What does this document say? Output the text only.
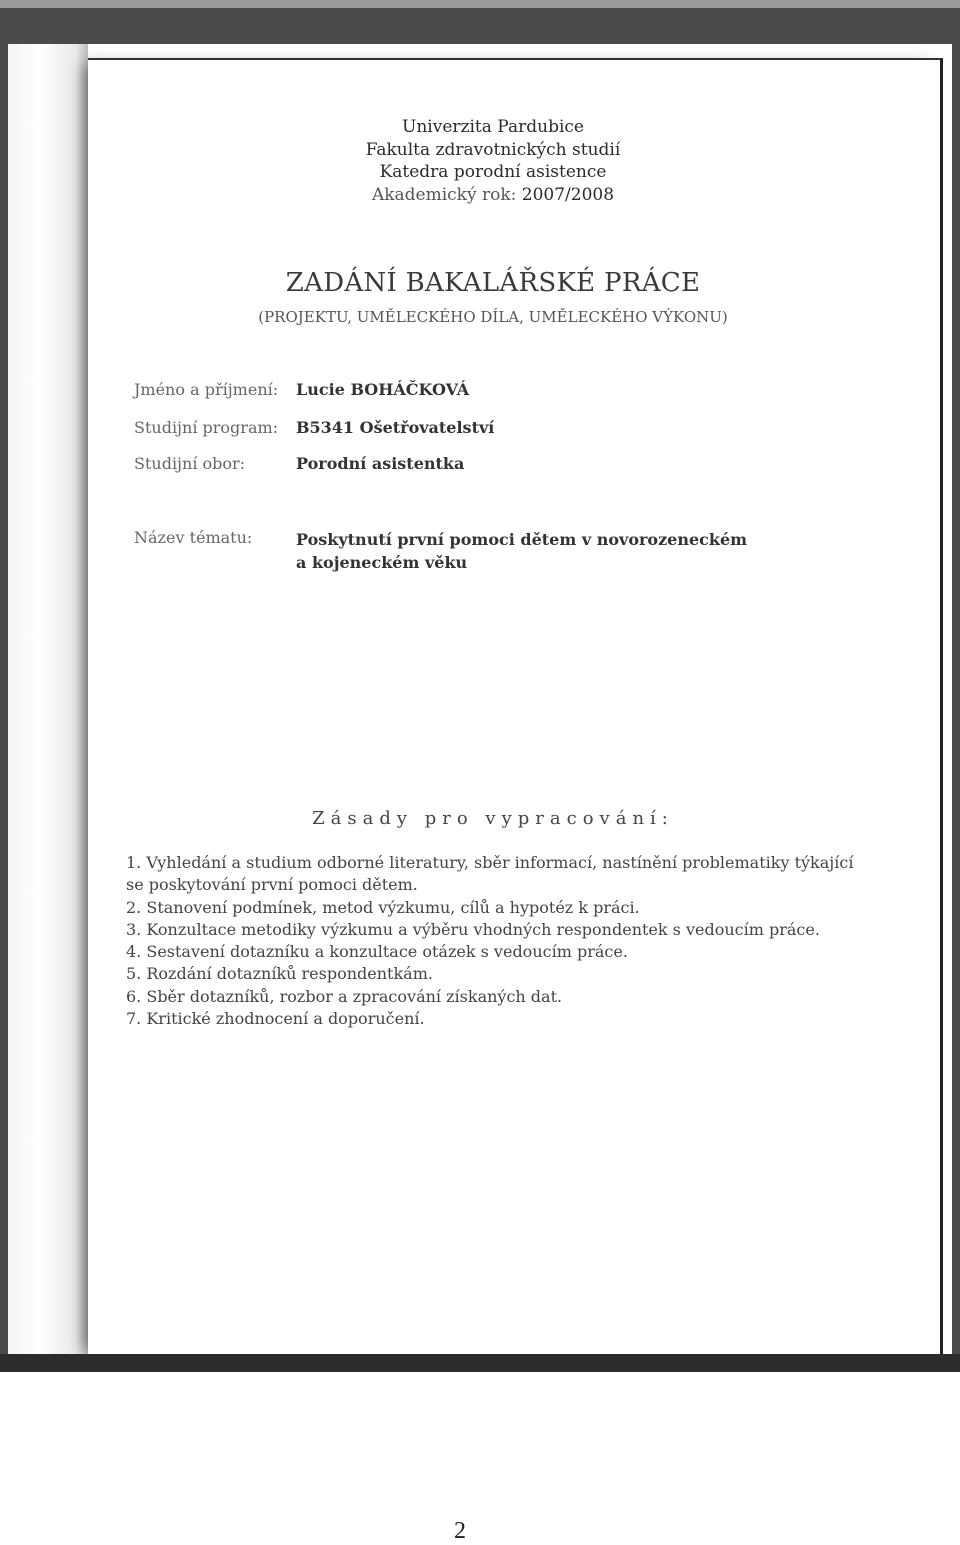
Univerzita Pardubice
Fakulta zdravotnických studií
Katedra porodní asistence
Akademický rok: 2007/2008
ZADÁNÍ BAKALÁŘSKÉ PRÁCE
(PROJEKTU, UMĚLECKÉHO DÍLA, UMĚLECKÉHO VÝKONU)
Jméno a příjmení: Lucie BOHÁČKOVÁ
Studijní program: B5341 Ošetřovatelství
Studijní obor:	Porodní asistentka
Název tématu:	Poskytnutí první pomoci dětem v novorozeneckém
a kojeneckém věku
Zásady pro vypracování:
1. Vyhledání a studium odborné literatury, sběr informací, nastínění problematiky týkající
se poskytování první pomoci dětem.
2. Stanovení podmínek, metod výzkumu, cílů a hypotéz k práci.
3. Konzultace metodiky výzkumu a výběru vhodných respondentek s vedoucím práce.
4. Sestavení dotazníku a konzultace otázek s vedoucím práce.
5. Rozdání dotazníků respondentkám.
6. Sběr dotazníků, rozbor a zpracování získaných dat.
7. Kritické zhodnocení a doporučení.
2
